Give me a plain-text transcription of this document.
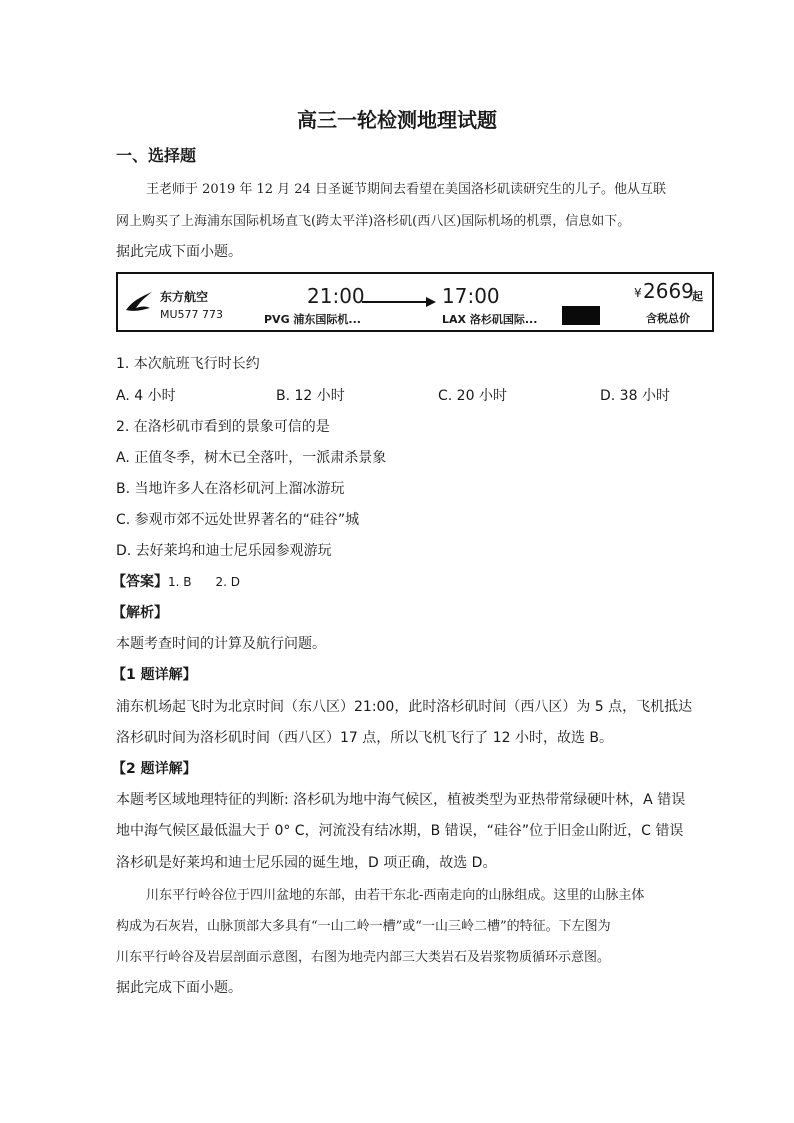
高三一轮检测地理试题
一、选择题
王老师于 2019 年 12 月 24 日圣诞节期间去看望在美国洛杉矶读研究生的儿子。他从互联
网上购买了上海浦东国际机场直飞(跨太平洋)洛杉矶(西八区)国际机场的机票，信息如下。
据此完成下面小题。
东方航空
MU577 773
21:00
PVG 浦东国际机...
17:00
LAX 洛杉矶国际...
¥ 2669
起
含税总价
1. 本次航班飞行时长约
A. 4 小时	B. 12 小时	C. 20 小时	D. 38 小时
2. 在洛杉矶市看到的景象可信的是
A. 正值冬季，树木已全落叶，一派肃杀景象
B. 当地许多人在洛杉矶河上溜冰游玩
C. 参观市郊不远处世界著名的“硅谷”城
D. 去好莱坞和迪士尼乐园参观游玩
【答案】1. B　　2. D
【解析】
本题考查时间的计算及航行问题。
【1 题详解】
浦东机场起飞时为北京时间（东八区）21:00，此时洛杉矶时间（西八区）为 5 点，飞机抵达
洛杉矶时间为洛杉矶时间（西八区）17 点，所以飞机飞行了 12 小时，故选 B。
【2 题详解】
本题考区域地理特征的判断: 洛杉矶为地中海气候区，植被类型为亚热带常绿硬叶林，A 错误
地中海气候区最低温大于 0° C，河流没有结冰期，B 错误，“硅谷”位于旧金山附近，C 错误
洛杉矶是好莱坞和迪士尼乐园的诞生地，D 项正确，故选 D。
川东平行岭谷位于四川盆地的东部，由若干东北-西南走向的山脉组成。这里的山脉主体
构成为石灰岩，山脉顶部大多具有“一山二岭一槽”或“一山三岭二槽”的特征。下左图为
川东平行岭谷及岩层剖面示意图，右图为地壳内部三大类岩石及岩浆物质循环示意图。
据此完成下面小题。
